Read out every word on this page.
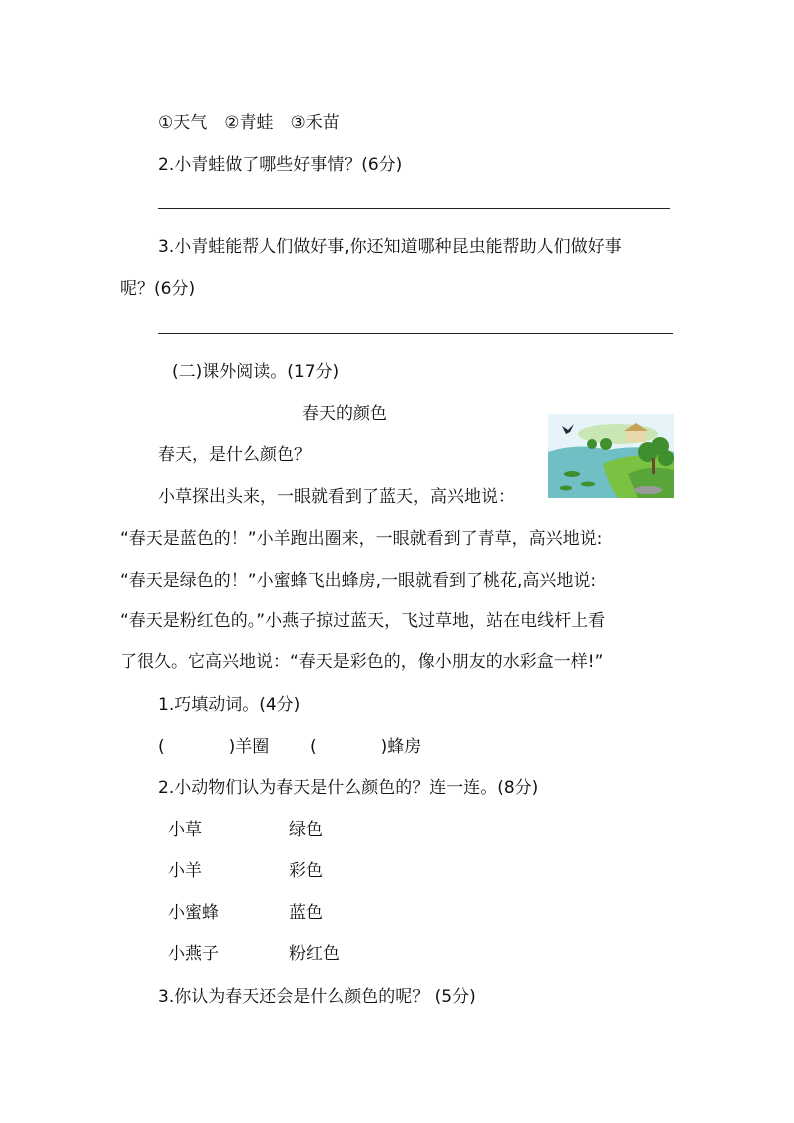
①天气　②青蛙　③禾苗
2.小青蛙做了哪些好事情？(6分)
3.小青蛙能帮人们做好事,你还知道哪种昆虫能帮助人们做好事
呢？(6分)
(二)课外阅读。(17分)
春天的颜色
春天，是什么颜色？
小草探出头来，一眼就看到了蓝天，高兴地说：
“春天是蓝色的！”小羊跑出圈来，一眼就看到了青草，高兴地说:
“春天是绿色的！”小蜜蜂飞出蜂房,一眼就看到了桃花,高兴地说:
“春天是粉红色的。”小燕子掠过蓝天，飞过草地，站在电线杆上看
了很久。它高兴地说：“春天是彩色的，像小朋友的水彩盒一样!”
1.巧填动词。(4分)
(	)羊圈 (	)蜂房
2.小动物们认为春天是什么颜色的？连一连。(8分)
小草
小羊
小蜜蜂
小燕子
绿色
彩色
蓝色
粉红色
3.你认为春天还会是什么颜色的呢？ (5分)
